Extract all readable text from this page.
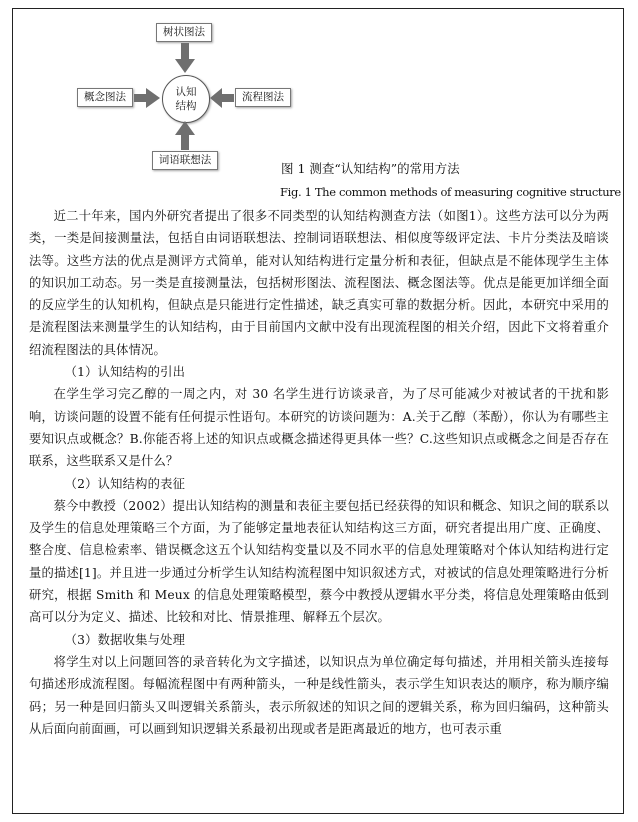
树状图法
概念图法	流程图法
词语联想法
认知
结构
图 1 测查“认知结构”的常用方法
Fig. 1 The common methods of measuring cognitive structure

近二十年来，国内外研究者提出了很多不同类型的认知结构测查方法（如图1）。这些方法可以分为两类，一类是间接测量法，包括自由词语联想法、控制词语联想法、相似度等级评定法、卡片分类法及暗谈法等。这些方法的优点是测评方式简单，能对认知结构进行定量分析和表征，但缺点是不能体现学生主体的知识加工动态。另一类是直接测量法，包括树形图法、流程图法、概念图法等。优点是能更加详细全面的反应学生的认知机构，但缺点是只能进行定性描述，缺乏真实可靠的数据分析。因此，本研究中采用的是流程图法来测量学生的认知结构，由于目前国内文献中没有出现流程图的相关介绍，因此下文将着重介绍流程图法的具体情况。

（1）认知结构的引出

在学生学习完乙醇的一周之内，对 30 名学生进行访谈录音，为了尽可能减少对被试者的干扰和影响，访谈问题的设置不能有任何提示性语句。本研究的访谈问题为：A.关于乙醇（苯酚），你认为有哪些主要知识点或概念？B.你能否将上述的知识点或概念描述得更具体一些？C.这些知识点或概念之间是否存在联系，这些联系又是什么？

（2）认知结构的表征

蔡今中教授（2002）提出认知结构的测量和表征主要包括已经获得的知识和概念、知识之间的联系以及学生的信息处理策略三个方面，为了能够定量地表征认知结构这三方面，研究者提出用广度、正确度、整合度、信息检索率、错误概念这五个认知结构变量以及不同水平的信息处理策略对个体认知结构进行定量的描述[1]。并且进一步通过分析学生认知结构流程图中知识叙述方式，对被试的信息处理策略进行分析研究，根据 Smith 和 Meux 的信息处理策略模型，蔡今中教授从逻辑水平分类，将信息处理策略由低到高可以分为定义、描述、比较和对比、情景推理、解释五个层次。

（3）数据收集与处理

将学生对以上问题回答的录音转化为文字描述，以知识点为单位确定每句描述，并用相关箭头连接每句描述形成流程图。每幅流程图中有两种箭头，一种是线性箭头，表示学生知识表达的顺序，称为顺序编码；另一种是回归箭头又叫逻辑关系箭头，表示所叙述的知识之间的逻辑关系，称为回归编码，这种箭头从后面向前面画，可以画到知识逻辑关系最初出现或者是距离最近的地方，也可表示重
